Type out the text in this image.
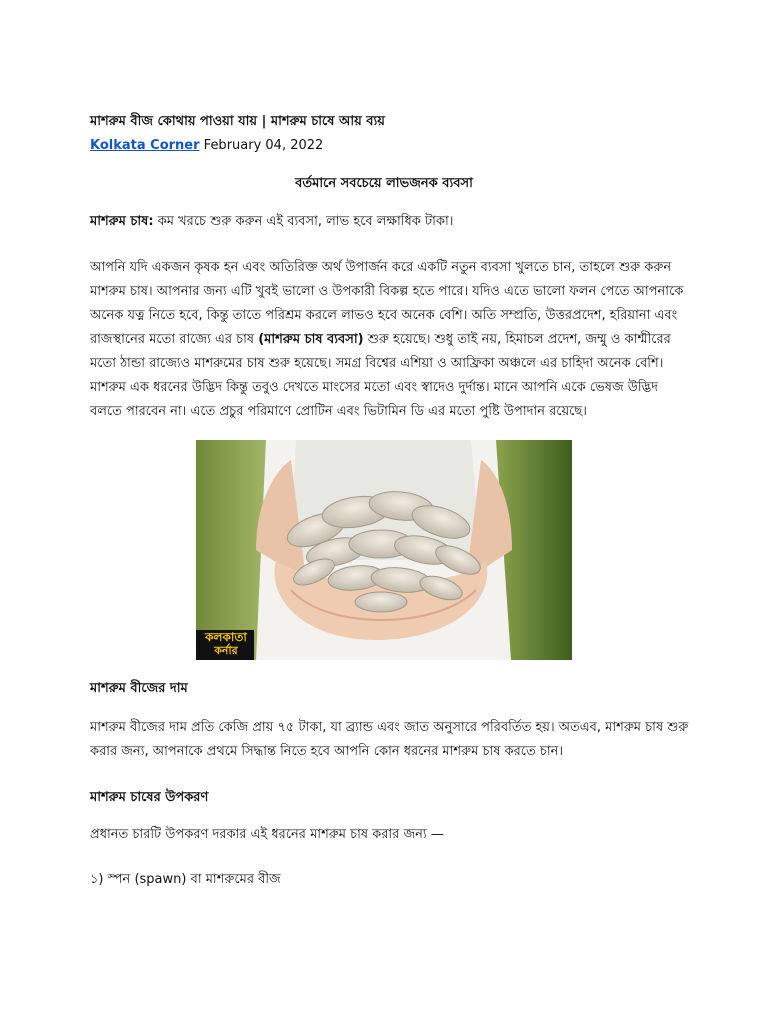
মাশরুম বীজ কোথায় পাওয়া যায় | মাশরুম চাষে আয় ব্যয়
Kolkata Corner February 04, 2022
বর্তমানে সবচেয়ে লাভজনক ব্যবসা
মাশরুম চাষ: কম খরচে শুরু করুন এই ব্যবসা, লাভ হবে লক্ষাধিক টাকা।
আপনি যদি একজন কৃষক হন এবং অতিরিক্ত অর্থ উপার্জন করে একটি নতুন ব্যবসা খুলতে চান, তাহলে শুরু করুন মাশরুম চাষ। আপনার জন্য এটি খুবই ভালো ও উপকারী বিকল্প হতে পারে। যদিও এতে ভালো ফলন পেতে আপনাকে অনেক যত্ন নিতে হবে, কিন্তু তাতে পরিশ্রম করলে লাভও হবে অনেক বেশি। অতি সম্প্রতি, উত্তরপ্রদেশ, হরিয়ানা এবং রাজস্থানের মতো রাজ্যে এর চাষ (মাশরুম চাষ ব্যবসা) শুরু হয়েছে। শুধু তাই নয়, হিমাচল প্রদেশ, জম্মু ও কাশ্মীরের মতো ঠান্ডা রাজ্যেও মাশরুমের চাষ শুরু হয়েছে। সমগ্র বিশ্বের এশিয়া ও আফ্রিকা অঞ্চলে এর চাহিদা অনেক বেশি। মাশরুম এক ধরনের উদ্ভিদ কিন্তু তবুও দেখতে মাংসের মতো এবং স্বাদেও দুর্দান্ত। মানে আপনি একে ভেষজ উদ্ভিদ বলতে পারবেন না। এতে প্রচুর পরিমাণে প্রোটিন এবং ভিটামিন ডি এর মতো পুষ্টি উপাদান রয়েছে।
কলকাতা
কর্নার
মাশরুম বীজের দাম
মাশরুম বীজের দাম প্রতি কেজি প্রায় ৭৫ টাকা, যা ব্র্যান্ড এবং জাত অনুসারে পরিবর্তিত হয়। অতএব, মাশরুম চাষ শুরু করার জন্য, আপনাকে প্রথমে সিদ্ধান্ত নিতে হবে আপনি কোন ধরনের মাশরুম চাষ করতে চান।
মাশরুম চাষের উপকরণ
প্রধানত চারটি উপকরণ দরকার এই ধরনের মাশরুম চাষ করার জন্য —
১) স্পন (spawn) বা মাশরুমের বীজ
